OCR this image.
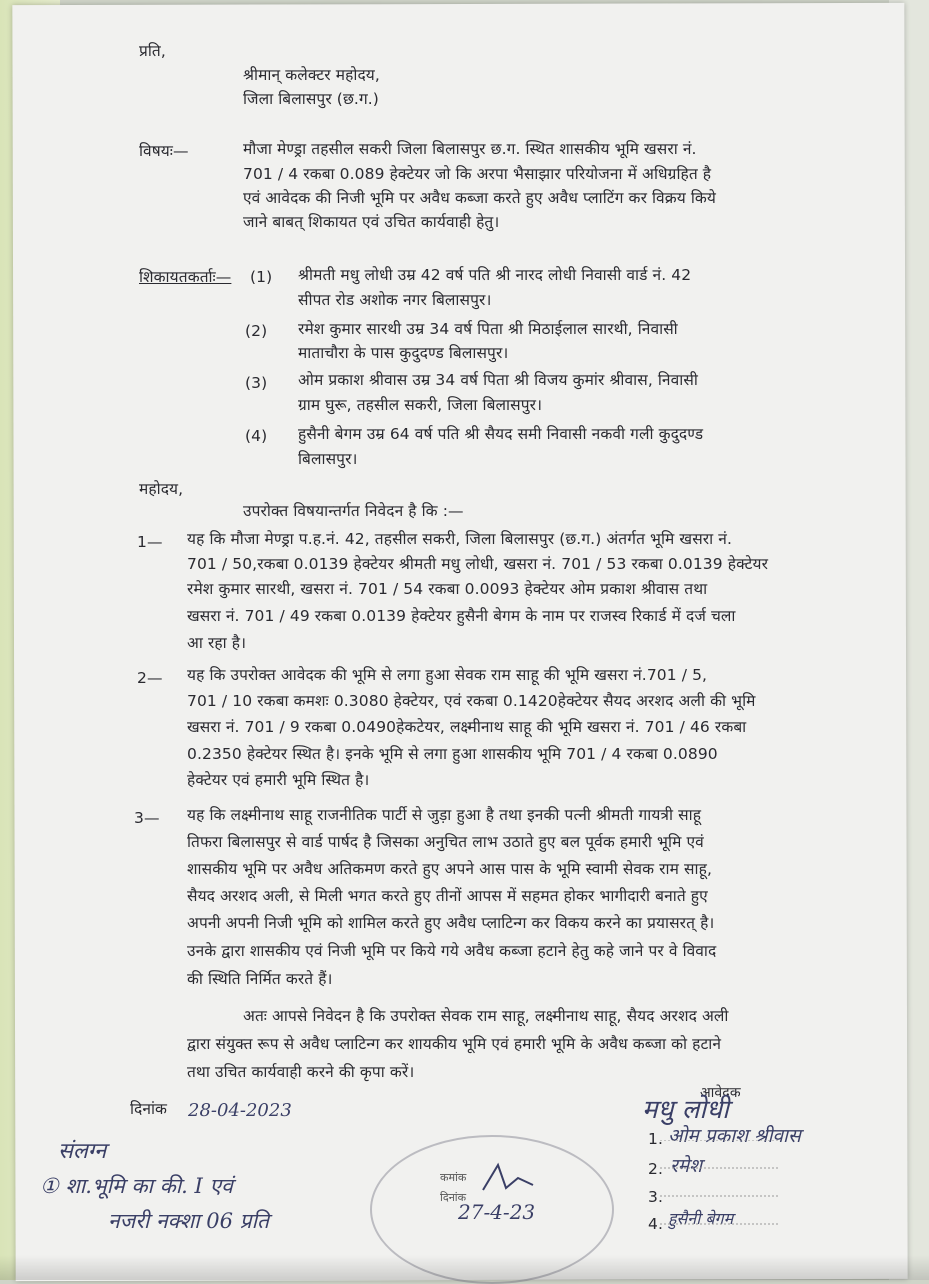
प्रति,
श्रीमान् कलेक्टर महोदय,
जिला बिलासपुर (छ.ग.)
विषयः—	मौजा मेण्ड्रा तहसील सकरी जिला बिलासपुर छ.ग. स्थित शासकीय भूमि खसरा नं.
701 / 4 रकबा 0.089 हेक्टेयर जो कि अरपा भैसाझार परियोजना में अधिग्रहित है
एवं आवेदक की निजी भूमि पर अवैध कब्जा करते हुए अवैध प्लाटिंग कर विक्रय किये
जाने बाबत् शिकायत एवं उचित कार्यवाही हेतु।
शिकायतकर्ताः— (1) श्रीमती मधु लोधी उम्र 42 वर्ष पति श्री नारद लोधी निवासी वार्ड नं. 42
सीपत रोड अशोक नगर बिलासपुर।
(2) रमेश कुमार सारथी उम्र 34 वर्ष पिता श्री मिठाईलाल सारथी, निवासी
माताचौरा के पास कुदुदण्ड बिलासपुर।
(3) ओम प्रकाश श्रीवास उम्र 34 वर्ष पिता श्री विजय कुमांर श्रीवास, निवासी
ग्राम घुरू, तहसील सकरी, जिला बिलासपुर।
(4) हुसैनी बेगम उम्र 64 वर्ष पति श्री सैयद समी निवासी नकवी गली कुदुदण्ड
बिलासपुर।
महोदय,
उपरोक्त विषयान्तर्गत निवेदन है कि :—
1— यह कि मौजा मेण्ड्रा प.ह.नं. 42, तहसील सकरी, जिला बिलासपुर (छ.ग.) अंतर्गत भूमि खसरा नं.
701 / 50,रकबा 0.0139 हेक्टेयर श्रीमती मधु लोधी, खसरा नं. 701 / 53 रकबा 0.0139 हेक्टेयर
रमेश कुमार सारथी, खसरा नं. 701 / 54 रकबा 0.0093 हेक्टेयर ओम प्रकाश श्रीवास तथा
खसरा नं. 701 / 49 रकबा 0.0139 हेक्टेयर हुसैनी बेगम के नाम पर राजस्व रिकार्ड में दर्ज चला
आ रहा है।
2— यह कि उपरोक्त आवेदक की भूमि से लगा हुआ सेवक राम साहू की भूमि खसरा नं.701 / 5,
701 / 10 रकबा कमशः 0.3080 हेक्टेयर, एवं रकबा 0.1420हेक्टेयर सैयद अरशद अली की भूमि
खसरा नं. 701 / 9 रकबा 0.0490हेकटेयर, लक्ष्मीनाथ साहू की भूमि खसरा नं. 701 / 46 रकबा
0.2350 हेक्टेयर स्थित है। इनके भूमि से लगा हुआ शासकीय भूमि 701 / 4 रकबा 0.0890
हेक्टेयर एवं हमारी भूमि स्थित है।
3— यह कि लक्ष्मीनाथ साहू राजनीतिक पार्टी से जुड़ा हुआ है तथा इनकी पत्नी श्रीमती गायत्री साहू
तिफरा बिलासपुर से वार्ड पार्षद है जिसका अनुचित लाभ उठाते हुए बल पूर्वक हमारी भूमि एवं
शासकीय भूमि पर अवैध अतिकमण करते हुए अपने आस पास के भूमि स्वामी सेवक राम साहू,
सैयद अरशद अली, से मिली भगत करते हुए तीनों आपस में सहमत होकर भागीदारी बनाते हुए
अपनी अपनी निजी भूमि को शामिल करते हुए अवैध प्लाटिन्ग कर विकय करने का प्रयासरत् है।
उनके द्वारा शासकीय एवं निजी भूमि पर किये गये अवैध कब्जा हटाने हेतु कहे जाने पर वे विवाद
की स्थिति निर्मित करते हैं।
अतः आपसे निवेदन है कि उपरोक्त सेवक राम साहू, लक्ष्मीनाथ साहू, सैयद अरशद अली
द्वारा संयुक्त रूप से अवैध प्लाटिन्ग कर शायकीय भूमि एवं हमारी भूमि के अवैध कब्जा को हटाने
तथा उचित कार्यवाही करने की कृपा करें।
दिनांक 28-04-2023
आवेदक
मधु लोधी
1. ओम प्रकाश श्रीवास
2. रमेश
3.
4. हुसैनी बेगम
संलग्न
① शा.भूमि का की. I एवं
नजरी नक्शा 06 प्रति
कमांक
दिनांक
27-4-23
